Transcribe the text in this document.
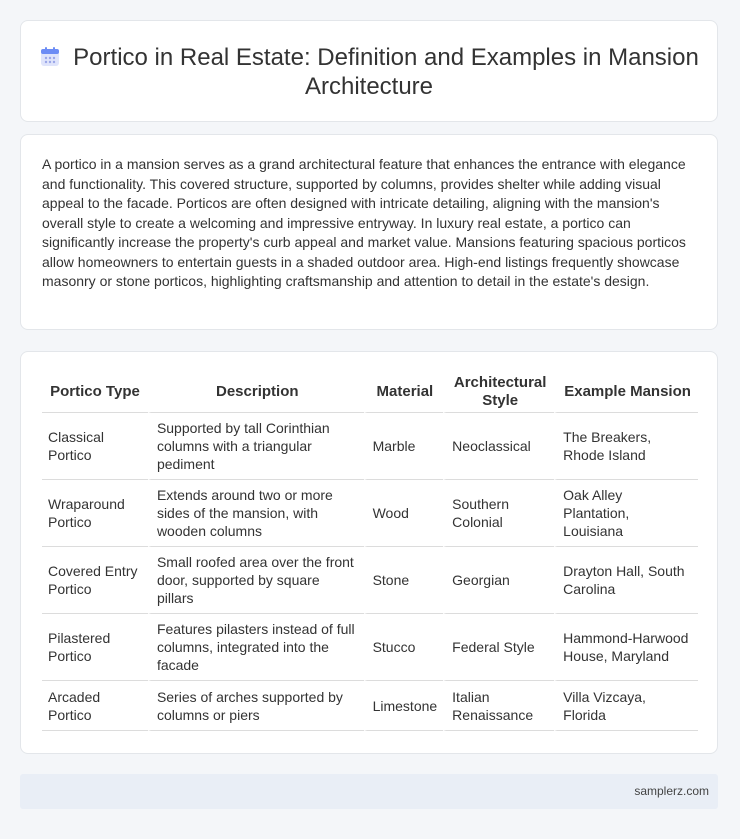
Portico in Real Estate: Definition and Examples in Mansion Architecture
A portico in a mansion serves as a grand architectural feature that enhances the entrance with elegance and functionality. This covered structure, supported by columns, provides shelter while adding visual appeal to the facade. Porticos are often designed with intricate detailing, aligning with the mansion's overall style to create a welcoming and impressive entryway. In luxury real estate, a portico can significantly increase the property's curb appeal and market value. Mansions featuring spacious porticos allow homeowners to entertain guests in a shaded outdoor area. High-end listings frequently showcase masonry or stone porticos, highlighting craftsmanship and attention to detail in the estate's design.
Portico Type	Description	Material	Architectural Style	Example Mansion
Classical Portico	Supported by tall Corinthian columns with a triangular pediment	Marble	Neoclassical	The Breakers, Rhode Island
Wraparound Portico	Extends around two or more sides of the mansion, with wooden columns	Wood	Southern Colonial	Oak Alley Plantation, Louisiana
Covered Entry Portico	Small roofed area over the front door, supported by square pillars	Stone	Georgian	Drayton Hall, South Carolina
Pilastered Portico	Features pilasters instead of full columns, integrated into the facade	Stucco	Federal Style	Hammond-Harwood House, Maryland
Arcaded Portico	Series of arches supported by columns or piers	Limestone	Italian Renaissance	Villa Vizcaya, Florida
samplerz.com
